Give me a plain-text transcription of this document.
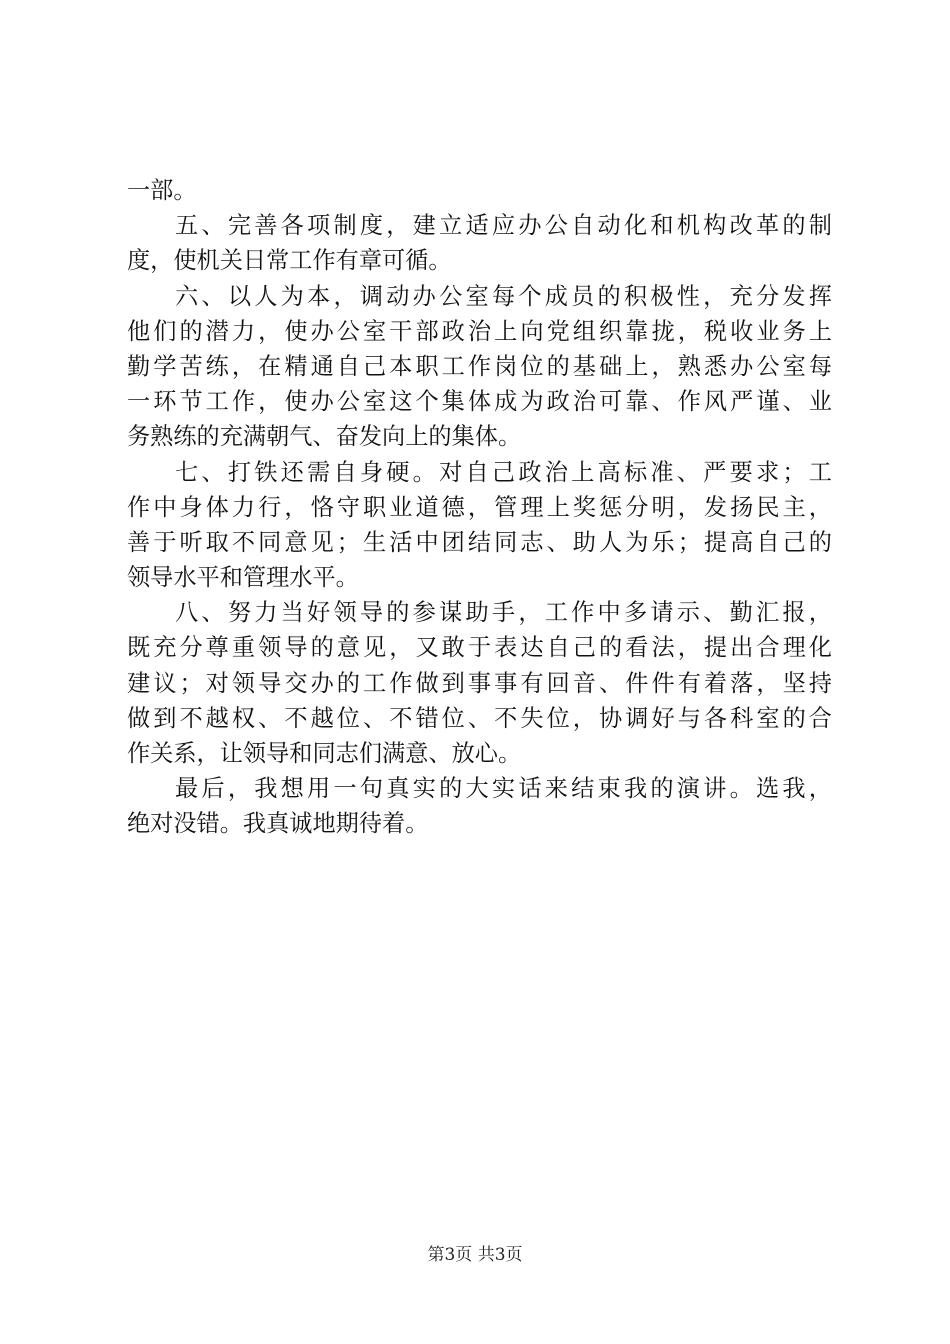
一部。
五、完善各项制度，建立适应办公自动化和机构改革的制
度，使机关日常工作有章可循。
六、以人为本，调动办公室每个成员的积极性，充分发挥
他们的潜力，使办公室干部政治上向党组织靠拢，税收业务上
勤学苦练，在精通自己本职工作岗位的基础上，熟悉办公室每
一环节工作，使办公室这个集体成为政治可靠、作风严谨、业
务熟练的充满朝气、奋发向上的集体。
七、打铁还需自身硬。对自己政治上高标准、严要求；工
作中身体力行，恪守职业道德，管理上奖惩分明，发扬民主，
善于听取不同意见；生活中团结同志、助人为乐；提高自己的
领导水平和管理水平。
八、努力当好领导的参谋助手，工作中多请示、勤汇报，
既充分尊重领导的意见，又敢于表达自己的看法，提出合理化
建议；对领导交办的工作做到事事有回音、件件有着落，坚持
做到不越权、不越位、不错位、不失位，协调好与各科室的合
作关系，让领导和同志们满意、放心。
最后，我想用一句真实的大实话来结束我的演讲。选我，
绝对没错。我真诚地期待着。
第3页 共3页
